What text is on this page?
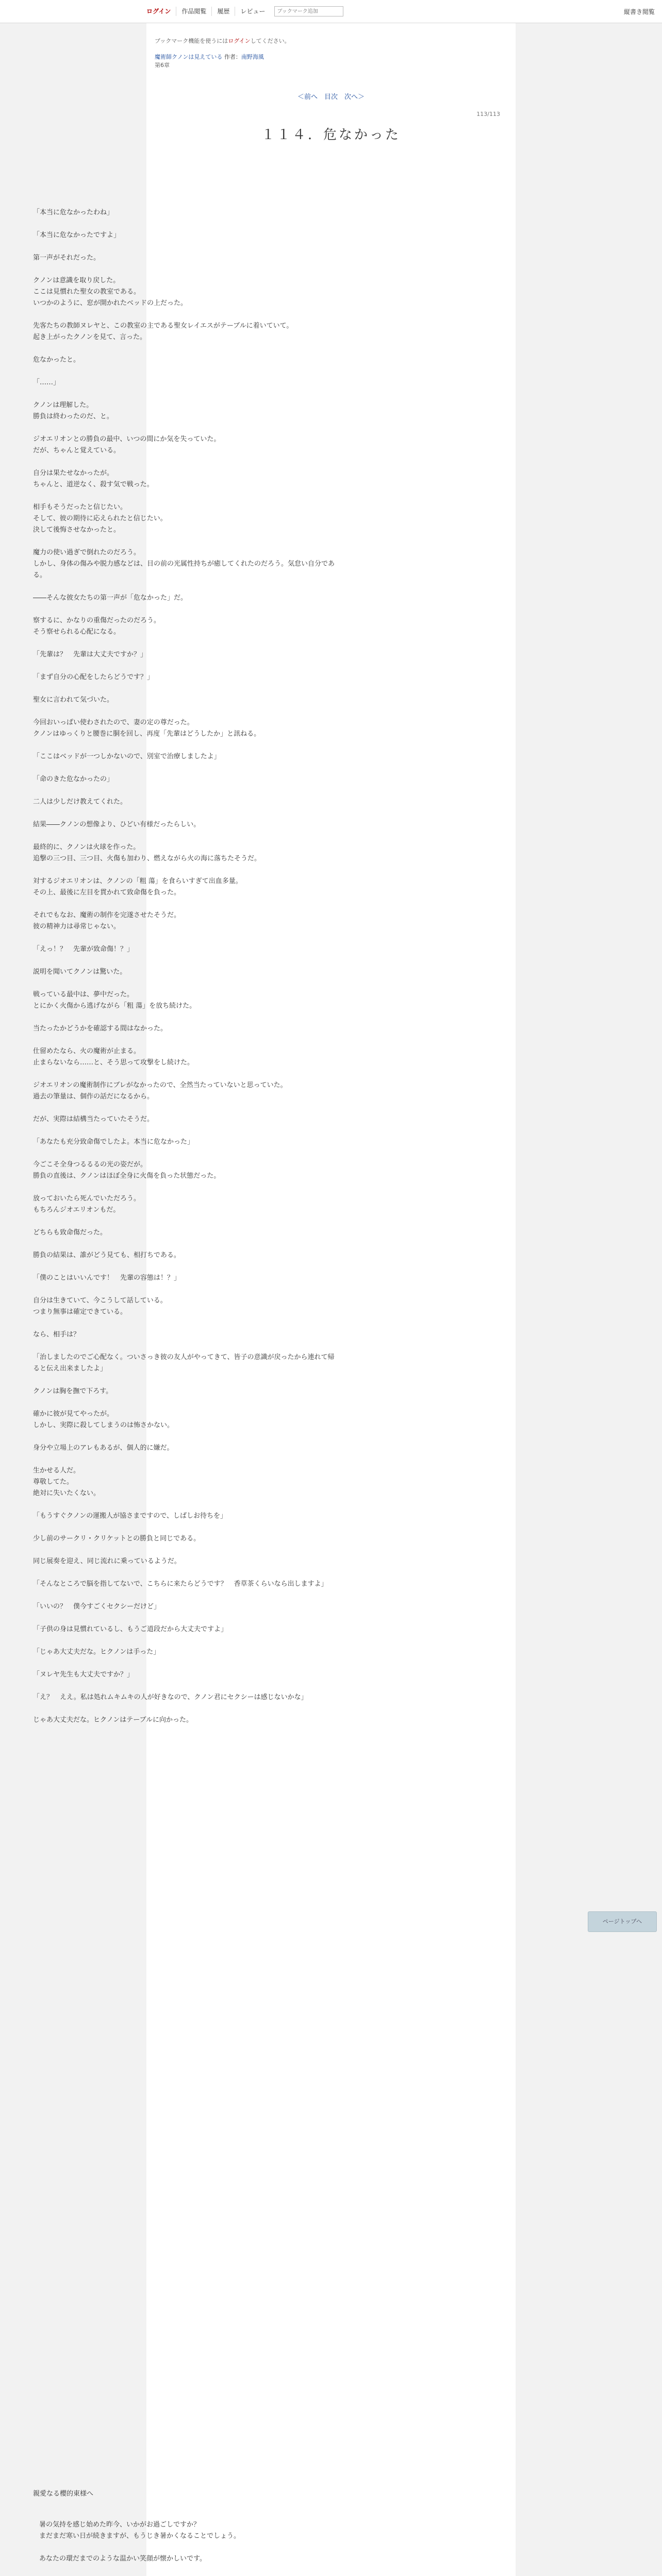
ログイン	作品閲覧	履歴	レビュー
ブックマーク追加	縦書き閲覧
ブックマーク機能を使うにはログインしてください。
魔術師クノンは見えている 作者：南野海風
第6章
＜前へ　目次　次へ＞
113/113
１１４．危なかった

「本当に危なかったわね」

「本当に危なかったですよ」

第一声がそれだった。

クノンは意識を取り戻した。

ここは見慣れた聖女の教室である。

いつかのように、窓が開かれたベッドの上だった。

先客たちの教師ヌレヤと、この教室の主である聖女レイエスがテーブルに着いていて。

起き上がったクノンを見て、言った。

危なかったと。

「……」

クノンは理解した。

勝負は終わったのだ、と。

ジオエリオンとの勝負の最中、いつの間にか気を失っていた。

だが、ちゃんと覚えている。

自分は果たせなかったが。

ちゃんと、道逆なく、殺す気で戦った。

相手もそうだったと信じたい。

そして、彼の期待に応えられたと信じたい。

決して後悔させなかったと。

魔力の使い過ぎで倒れたのだろう。

しかし、身体の傷みや脱力感などは、目の前の光属性持ちが癒してくれたのだろう。気怠い自分である。

――そんな彼女たちの第一声が「危なかった」だ。

察するに、かなりの重傷だったのだろう。

そう察せられる心配になる。

「先輩は？　先輩は大丈夫ですか？」

「まず自分の心配をしたらどうです？」

聖女に言われて気づいた。

今回おいっぱい使わされたので、妻の定の尊だった。

クノンはゆっくりと腰巻に胴を回し、再度「先輩はどうしたか」と訊ねる。

「ここはベッドが一つしかないので、別室で治療しましたよ」

「命のきた危なかったの」

二人は少しだけ教えてくれた。

結果――クノンの想像より、ひどい有様だったらしい。

最終的に、クノンは火球を作った。

追撃の三つ目、三つ目、火傷も加わり、燃えながら火の海に落ちたそうだ。

対するジオエリオンは、クノンの「粗 蕩」を食らいすぎて出血多量。

その上、最後に左目を貫かれて致命傷を負った。

それでもなお、魔術の制作を完遂させたそうだ。

彼の精神力は尋常じゃない。

「えっ！？　先輩が致命傷！？」

説明を聞いてクノンは驚いた。

戦っている最中は、夢中だった。

とにかく火傷から逃げながら「粗 蕩」を放ち続けた。

当たったかどうかを確認する間はなかった。

仕留めたなら、火の魔術が止まる。

止まらないなら……と、そう思って攻撃をし続けた。

ジオエリオンの魔術制作にブレがなかったので、全然当たっていないと思っていた。

過去の筆量は、個作の話だになるから。

だが、実際は結構当たっていたそうだ。

「あなたも充分致命傷でしたよ。本当に危なかった」

今ごこそ全身つるるるの光の姿だが。

勝負の直後は、クノンはほぼ全身に火傷を負った状態だった。

放っておいたら死んでいただろう。

もちろんジオエリオンもだ。

どちらも致命傷だった。

勝負の結果は、誰がどう見ても、相打ちである。

「僕のことはいいんです！　先輩の容態は！？」

自分は生きていて、今こうして話している。

つまり無事は確定できている。

なら、相手は？

「治しましたのでご心配なく。ついさっき彼の友人がやってきて、皆子の意識が戻ったから連れて帰ると伝え出来ましたよ」

クノンは胸を撫で下ろす。

確かに彼が見てやったが。

しかし、実際に殺してしまうのは怖さかない。

身分や立場上のアレもあるが、個人的に嫌だ。

生かせる人だ。

尊敬してた。

絶対に失いたくない。

「もうすぐクノンの運搬人が協さまですので、しばしお待ちを」

少し前のサークリ・クリケットとの勝負と同じである。

同じ展奏を迎え、同じ流れに乗っているようだ。

「そんなところで脳を指してないで、こちらに来たらどうです？　香草茶くらいなら出しますよ」

「いいの？　僕今すごくセクシーだけど」

「子供の身は見慣れているし、もうご道段だから大丈夫ですよ」

「じゃあ大丈夫だな。ヒクノンは手った」

「ヌレヤ先生も大丈夫ですか？」

「え？　ええ。私は処れムキムキの人が好きなので、クノン君にセクシーは感じないかな」

じゃあ大丈夫だな。ヒクノンはテーブルに向かった。

親愛なる櫻的東様へ

暑の気持を感じ始めた昨今、いかがお過ごしですか？

まだまだ寒い日が続きますが、もうじき暑かくなることでしょう。

あなたの環だまでのような温かい笑顔が懐かしいです。

ページトップへ
